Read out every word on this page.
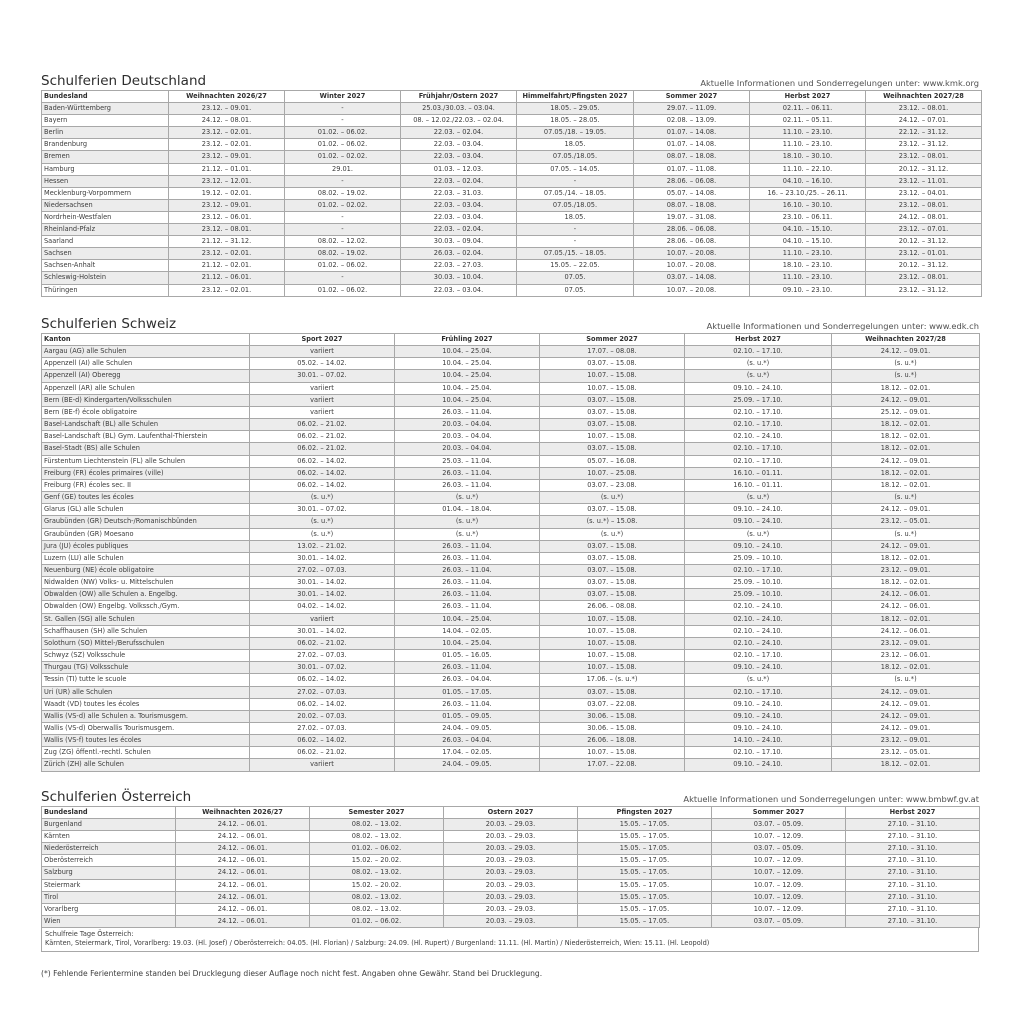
Schulferien Deutschland	Aktuelle Informationen und Sonderregelungen unter: www.kmk.org
Bundesland	Weihnachten 2026/27	Winter 2027	Frühjahr/Ostern 2027	Himmelfahrt/Pfingsten 2027	Sommer 2027	Herbst 2027	Weihnachten 2027/28
Baden-Württemberg	23.12. – 09.01.	-	25.03./30.03. – 03.04.	18.05. – 29.05.	29.07. – 11.09.	02.11. – 06.11.	23.12. – 08.01.
Bayern	24.12. – 08.01.	-	08. – 12.02./22.03. – 02.04.	18.05. – 28.05.	02.08. – 13.09.	02.11. – 05.11.	24.12. – 07.01.
Berlin	23.12. – 02.01.	01.02. – 06.02.	22.03. – 02.04.	07.05./18. – 19.05.	01.07. – 14.08.	11.10. – 23.10.	22.12. – 31.12.
Brandenburg	23.12. – 02.01.	01.02. – 06.02.	22.03. – 03.04.	18.05.	01.07. – 14.08.	11.10. – 23.10.	23.12. – 31.12.
Bremen	23.12. – 09.01.	01.02. – 02.02.	22.03. – 03.04.	07.05./18.05.	08.07. – 18.08.	18.10. – 30.10.	23.12. – 08.01.
Hamburg	21.12. – 01.01.	29.01.	01.03. – 12.03.	07.05. – 14.05.	01.07. – 11.08.	11.10. – 22.10.	20.12. – 31.12.
Hessen	23.12. – 12.01.	-	22.03. – 02.04.	-	28.06. – 06.08.	04.10. – 16.10.	23.12. – 11.01.
Mecklenburg-Vorpommern	19.12. – 02.01.	08.02. – 19.02.	22.03. – 31.03.	07.05./14. – 18.05.	05.07. – 14.08.	16. – 23.10./25. – 26.11.	23.12. – 04.01.
Niedersachsen	23.12. – 09.01.	01.02. – 02.02.	22.03. – 03.04.	07.05./18.05.	08.07. – 18.08.	16.10. – 30.10.	23.12. – 08.01.
Nordrhein-Westfalen	23.12. – 06.01.	-	22.03. – 03.04.	18.05.	19.07. – 31.08.	23.10. – 06.11.	24.12. – 08.01.
Rheinland-Pfalz	23.12. – 08.01.	-	22.03. – 02.04.	-	28.06. – 06.08.	04.10. – 15.10.	23.12. – 07.01.
Saarland	21.12. – 31.12.	08.02. – 12.02.	30.03. – 09.04.	-	28.06. – 06.08.	04.10. – 15.10.	20.12. – 31.12.
Sachsen	23.12. – 02.01.	08.02. – 19.02.	26.03. – 02.04.	07.05./15. – 18.05.	10.07. – 20.08.	11.10. – 23.10.	23.12. – 01.01.
Sachsen-Anhalt	21.12. – 02.01.	01.02. – 06.02.	22.03. – 27.03.	15.05. – 22.05.	10.07. – 20.08.	18.10. – 23.10.	20.12. – 31.12.
Schleswig-Holstein	21.12. – 06.01.	-	30.03. – 10.04.	07.05.	03.07. – 14.08.	11.10. – 23.10.	23.12. – 08.01.
Thüringen	23.12. – 02.01.	01.02. – 06.02.	22.03. – 03.04.	07.05.	10.07. – 20.08.	09.10. – 23.10.	23.12. – 31.12.
Schulferien Schweiz	Aktuelle Informationen und Sonderregelungen unter: www.edk.ch
Kanton	Sport 2027	Frühling 2027	Sommer 2027	Herbst 2027	Weihnachten 2027/28
Aargau (AG) alle Schulen	variiert	10.04. – 25.04.	17.07. – 08.08.	02.10. – 17.10.	24.12. – 09.01.
Appenzell (AI) alle Schulen	05.02. – 14.02.	10.04. – 25.04.	03.07. – 15.08.	(s. u.*)	(s. u.*)
Appenzell (AI) Oberegg	30.01. – 07.02.	10.04. – 25.04.	10.07. – 15.08.	(s. u.*)	(s. u.*)
Appenzell (AR) alle Schulen	variiert	10.04. – 25.04.	10.07. – 15.08.	09.10. – 24.10.	18.12. – 02.01.
Bern (BE-d) Kindergarten/Volksschulen	variiert	10.04. – 25.04.	03.07. – 15.08.	25.09. – 17.10.	24.12. – 09.01.
Bern (BE-f) école obligatoire	variiert	26.03. – 11.04.	03.07. – 15.08.	02.10. – 17.10.	25.12. – 09.01.
Basel-Landschaft (BL) alle Schulen	06.02. – 21.02.	20.03. – 04.04.	03.07. – 15.08.	02.10. – 17.10.	18.12. – 02.01.
Basel-Landschaft (BL) Gym. Laufenthal-Thierstein	06.02. – 21.02.	20.03. – 04.04.	10.07. – 15.08.	02.10. – 24.10.	18.12. – 02.01.
Basel-Stadt (BS) alle Schulen	06.02. – 21.02.	20.03. – 04.04.	03.07. – 15.08.	02.10. – 17.10.	18.12. – 02.01.
Fürstentum Liechtenstein (FL) alle Schulen	06.02. – 14.02.	25.03. – 11.04.	05.07. – 16.08.	02.10. – 17.10.	24.12. – 09.01.
Freiburg (FR) écoles primaires (ville)	06.02. – 14.02.	26.03. – 11.04.	10.07. – 25.08.	16.10. – 01.11.	18.12. – 02.01.
Freiburg (FR) écoles sec. II	06.02. – 14.02.	26.03. – 11.04.	03.07. – 23.08.	16.10. – 01.11.	18.12. – 02.01.
Genf (GE) toutes les écoles	(s. u.*)	(s. u.*)	(s. u.*)	(s. u.*)	(s. u.*)
Glarus (GL) alle Schulen	30.01. – 07.02.	01.04. – 18.04.	03.07. – 15.08.	09.10. – 24.10.	24.12. – 09.01.
Graubünden (GR) Deutsch-/Romanischbünden	(s. u.*)	(s. u.*)	(s. u.*) – 15.08.	09.10. – 24.10.	23.12. – 05.01.
Graubünden (GR) Moesano	(s. u.*)	(s. u.*)	(s. u.*)	(s. u.*)	(s. u.*)
Jura (JU) écoles publiques	13.02. – 21.02.	26.03. – 11.04.	03.07. – 15.08.	09.10. – 24.10.	24.12. – 09.01.
Luzern (LU) alle Schulen	30.01. – 14.02.	26.03. – 11.04.	03.07. – 15.08.	25.09. – 10.10.	18.12. – 02.01.
Neuenburg (NE) école obligatoire	27.02. – 07.03.	26.03. – 11.04.	03.07. – 15.08.	02.10. – 17.10.	23.12. – 09.01.
Nidwalden (NW) Volks- u. Mittelschulen	30.01. – 14.02.	26.03. – 11.04.	03.07. – 15.08.	25.09. – 10.10.	18.12. – 02.01.
Obwalden (OW) alle Schulen a. Engelbg.	30.01. – 14.02.	26.03. – 11.04.	03.07. – 15.08.	25.09. – 10.10.	24.12. – 06.01.
Obwalden (OW) Engelbg. Volkssch./Gym.	04.02. – 14.02.	26.03. – 11.04.	26.06. – 08.08.	02.10. – 24.10.	24.12. – 06.01.
St. Gallen (SG) alle Schulen	variiert	10.04. – 25.04.	10.07. – 15.08.	02.10. – 24.10.	18.12. – 02.01.
Schaffhausen (SH) alle Schulen	30.01. – 14.02.	14.04. – 02.05.	10.07. – 15.08.	02.10. – 24.10.	24.12. – 06.01.
Solothurn (SO) Mittel-/Berufsschulen	06.02. – 21.02.	10.04. – 25.04.	10.07. – 15.08.	02.10. – 24.10.	23.12. – 09.01.
Schwyz (SZ) Volksschule	27.02. – 07.03.	01.05. – 16.05.	10.07. – 15.08.	02.10. – 17.10.	23.12. – 06.01.
Thurgau (TG) Volksschule	30.01. – 07.02.	26.03. – 11.04.	10.07. – 15.08.	09.10. – 24.10.	18.12. – 02.01.
Tessin (TI) tutte le scuole	06.02. – 14.02.	26.03. – 04.04.	17.06. – (s. u.*)	(s. u.*)	(s. u.*)
Uri (UR) alle Schulen	27.02. – 07.03.	01.05. – 17.05.	03.07. – 15.08.	02.10. – 17.10.	24.12. – 09.01.
Waadt (VD) toutes les écoles	06.02. – 14.02.	26.03. – 11.04.	03.07. – 22.08.	09.10. – 24.10.	24.12. – 09.01.
Wallis (VS-d) alle Schulen a. Tourismusgem.	20.02. – 07.03.	01.05. – 09.05.	30.06. – 15.08.	09.10. – 24.10.	24.12. – 09.01.
Wallis (VS-d) Oberwallis Tourismusgem.	27.02. – 07.03.	24.04. – 09.05.	30.06. – 15.08.	09.10. – 24.10.	24.12. – 09.01.
Wallis (VS-f) toutes les écoles	06.02. – 14.02.	26.03. – 04.04.	26.06. – 18.08.	14.10. – 24.10.	23.12. – 09.01.
Zug (ZG) öffentl.-rechtl. Schulen	06.02. – 21.02.	17.04. – 02.05.	10.07. – 15.08.	02.10. – 17.10.	23.12. – 05.01.
Zürich (ZH) alle Schulen	variiert	24.04. – 09.05.	17.07. – 22.08.	09.10. – 24.10.	18.12. – 02.01.
Schulferien Österreich	Aktuelle Informationen und Sonderregelungen unter: www.bmbwf.gv.at
Bundesland	Weihnachten 2026/27	Semester 2027	Ostern 2027	Pfingsten 2027	Sommer 2027	Herbst 2027
Burgenland	24.12. – 06.01.	08.02. – 13.02.	20.03. – 29.03.	15.05. – 17.05.	03.07. – 05.09.	27.10. – 31.10.
Kärnten	24.12. – 06.01.	08.02. – 13.02.	20.03. – 29.03.	15.05. – 17.05.	10.07. – 12.09.	27.10. – 31.10.
Niederösterreich	24.12. – 06.01.	01.02. – 06.02.	20.03. – 29.03.	15.05. – 17.05.	03.07. – 05.09.	27.10. – 31.10.
Oberösterreich	24.12. – 06.01.	15.02. – 20.02.	20.03. – 29.03.	15.05. – 17.05.	10.07. – 12.09.	27.10. – 31.10.
Salzburg	24.12. – 06.01.	08.02. – 13.02.	20.03. – 29.03.	15.05. – 17.05.	10.07. – 12.09.	27.10. – 31.10.
Steiermark	24.12. – 06.01.	15.02. – 20.02.	20.03. – 29.03.	15.05. – 17.05.	10.07. – 12.09.	27.10. – 31.10.
Tirol	24.12. – 06.01.	08.02. – 13.02.	20.03. – 29.03.	15.05. – 17.05.	10.07. – 12.09.	27.10. – 31.10.
Vorarlberg	24.12. – 06.01.	08.02. – 13.02.	20.03. – 29.03.	15.05. – 17.05.	10.07. – 12.09.	27.10. – 31.10.
Wien	24.12. – 06.01.	01.02. – 06.02.	20.03. – 29.03.	15.05. – 17.05.	03.07. – 05.09.	27.10. – 31.10.
Schulfreie Tage Österreich:
Kärnten, Steiermark, Tirol, Vorarlberg: 19.03. (Hl. Josef) / Oberösterreich: 04.05. (Hl. Florian) / Salzburg: 24.09. (Hl. Rupert) / Burgenland: 11.11. (Hl. Martin) / Niederösterreich, Wien: 15.11. (Hl. Leopold)
(*) Fehlende Ferientermine standen bei Drucklegung dieser Auflage noch nicht fest. Angaben ohne Gewähr. Stand bei Drucklegung.
